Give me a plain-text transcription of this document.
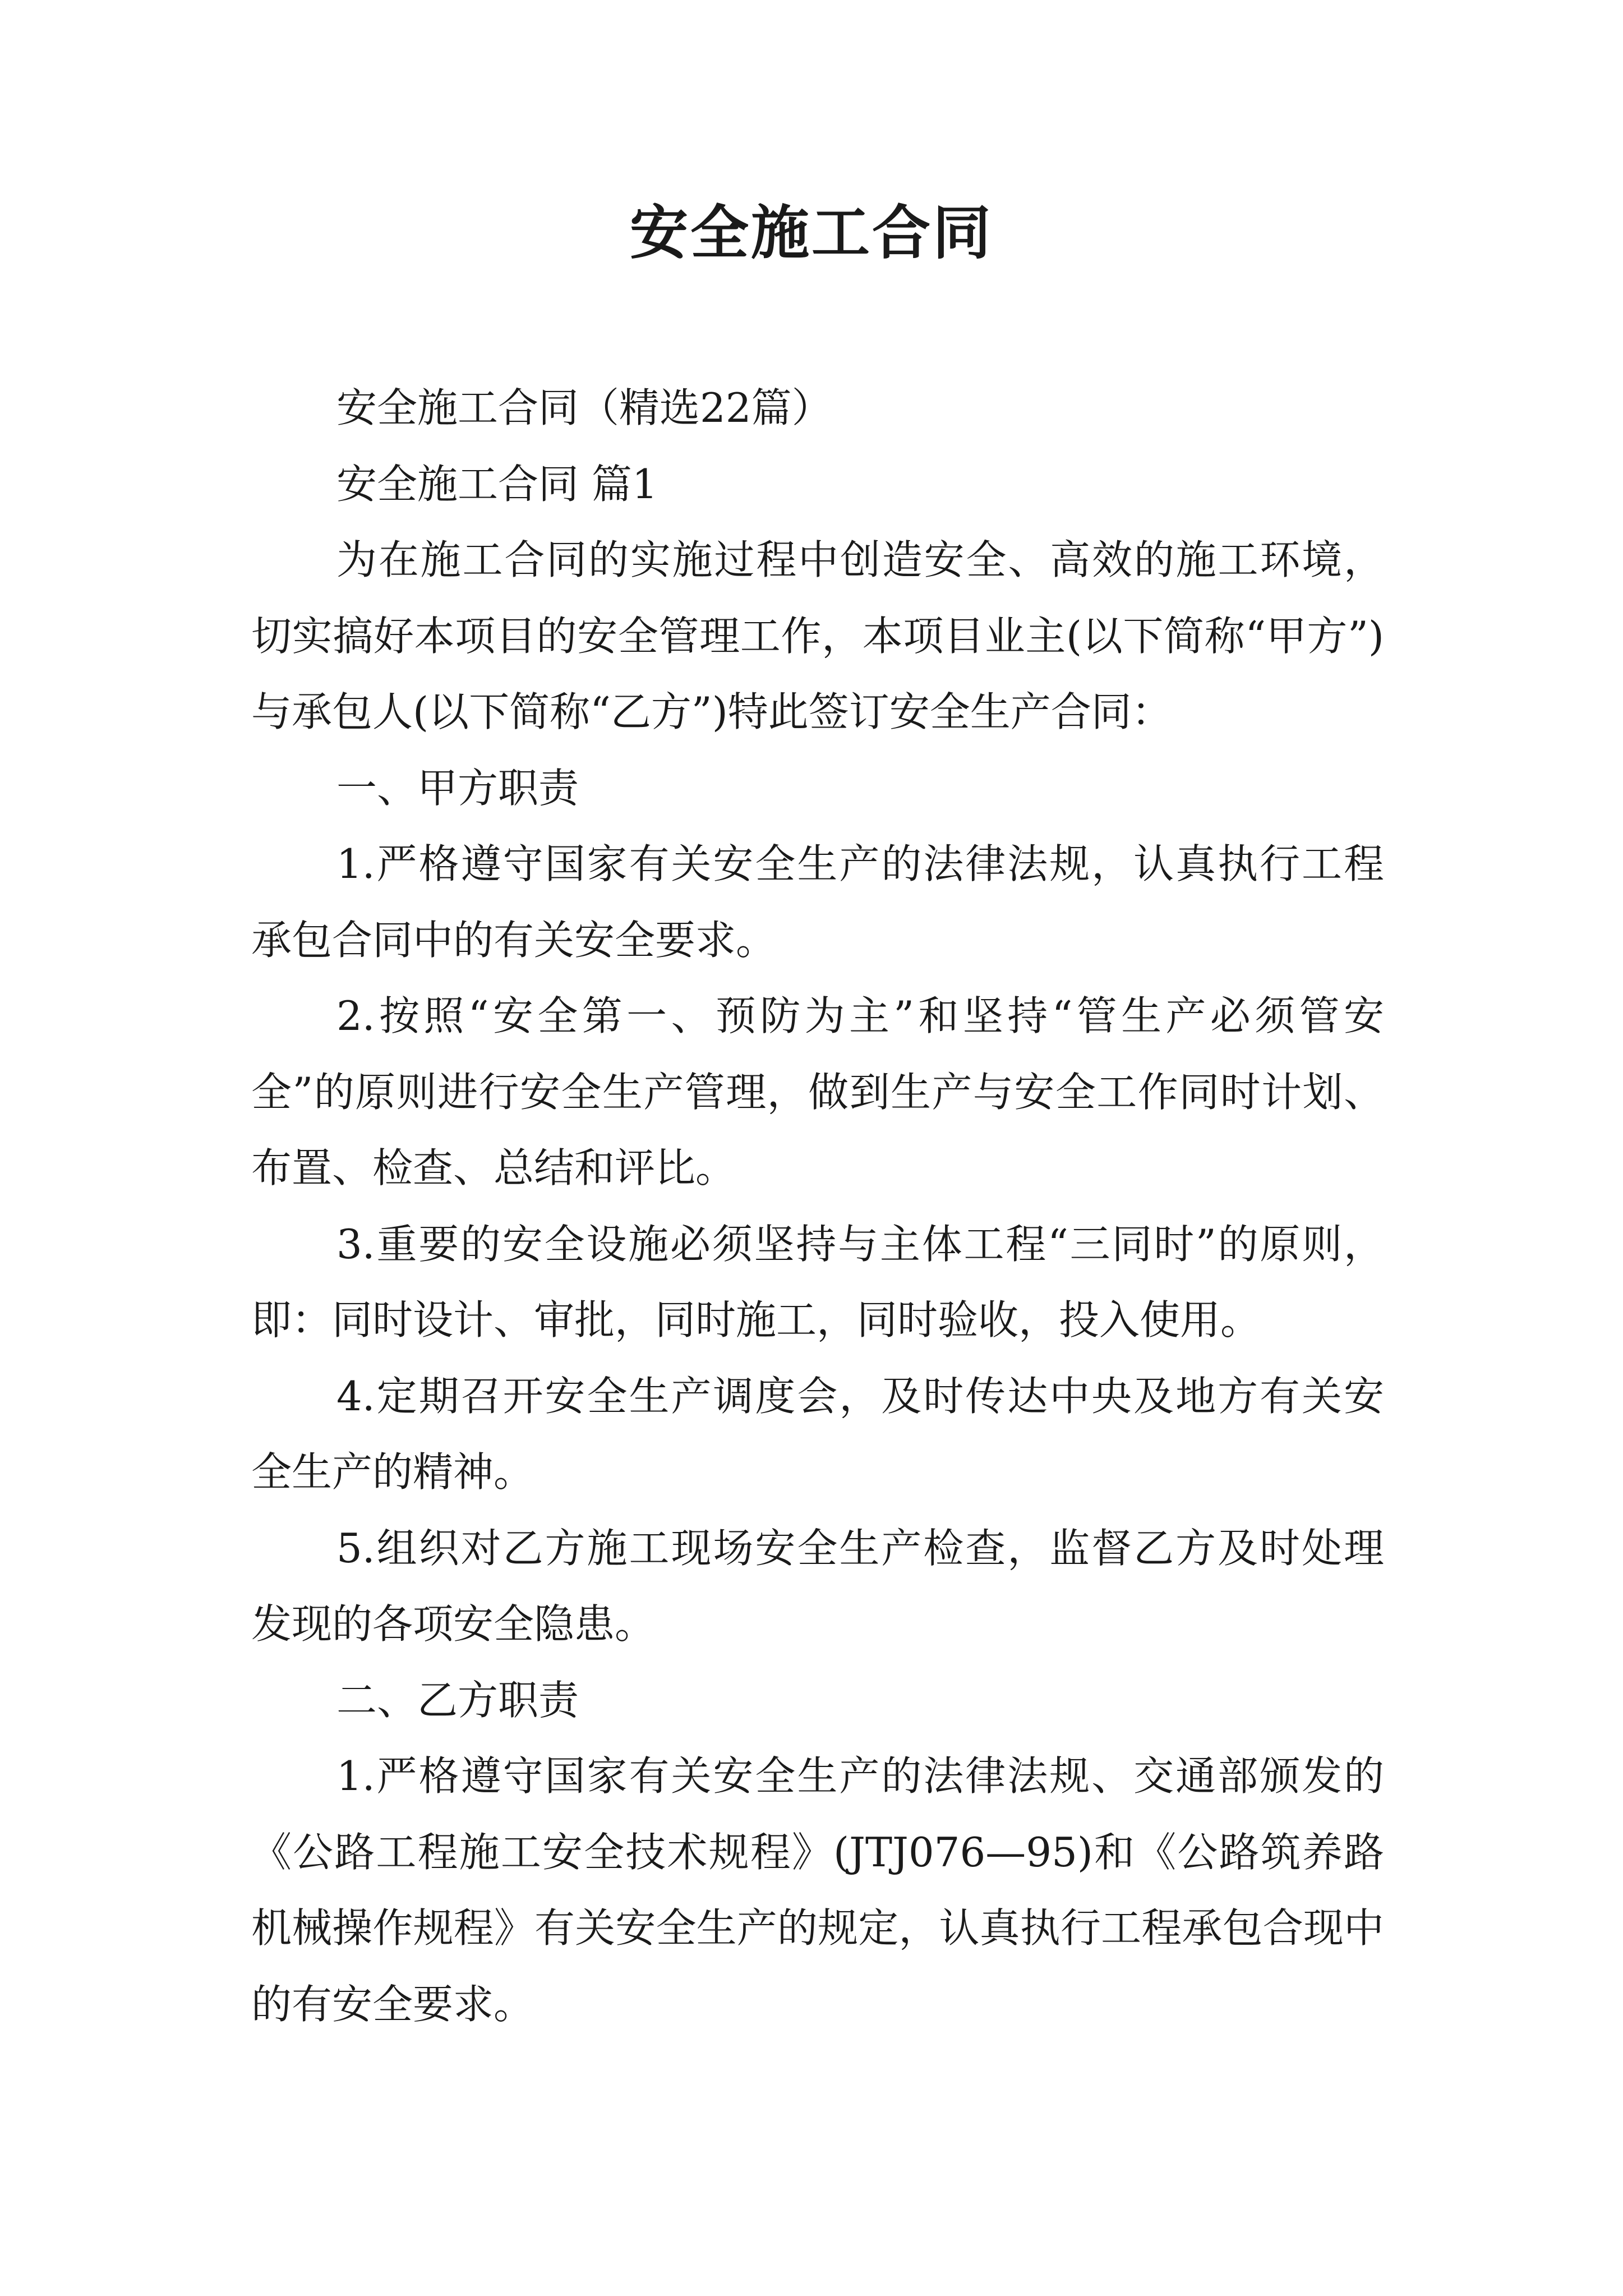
安全施工合同

安全施工合同（精选22篇）

安全施工合同 篇1

为在施工合同的实施过程中创造安全、高效的施工环境，切实搞好本项目的安全管理工作，本项目业主(以下简称“甲方”)与承包人(以下简称“乙方”)特此签订安全生产合同：

一、甲方职责

1.严格遵守国家有关安全生产的法律法规，认真执行工程承包合同中的有关安全要求。

2.按照“安全第一、预防为主”和坚持“管生产必须管安全”的原则进行安全生产管理，做到生产与安全工作同时计划、布置、检查、总结和评比。

3.重要的安全设施必须坚持与主体工程“三同时”的原则，即：同时设计、审批，同时施工，同时验收，投入使用。

4.定期召开安全生产调度会，及时传达中央及地方有关安全生产的精神。

5.组织对乙方施工现场安全生产检查，监督乙方及时处理发现的各项安全隐患。

二、乙方职责

1.严格遵守国家有关安全生产的法律法规、交通部颁发的《公路工程施工安全技术规程》(JTJ076—95)和《公路筑养路机械操作规程》有关安全生产的规定，认真执行工程承包合现中的有安全要求。
